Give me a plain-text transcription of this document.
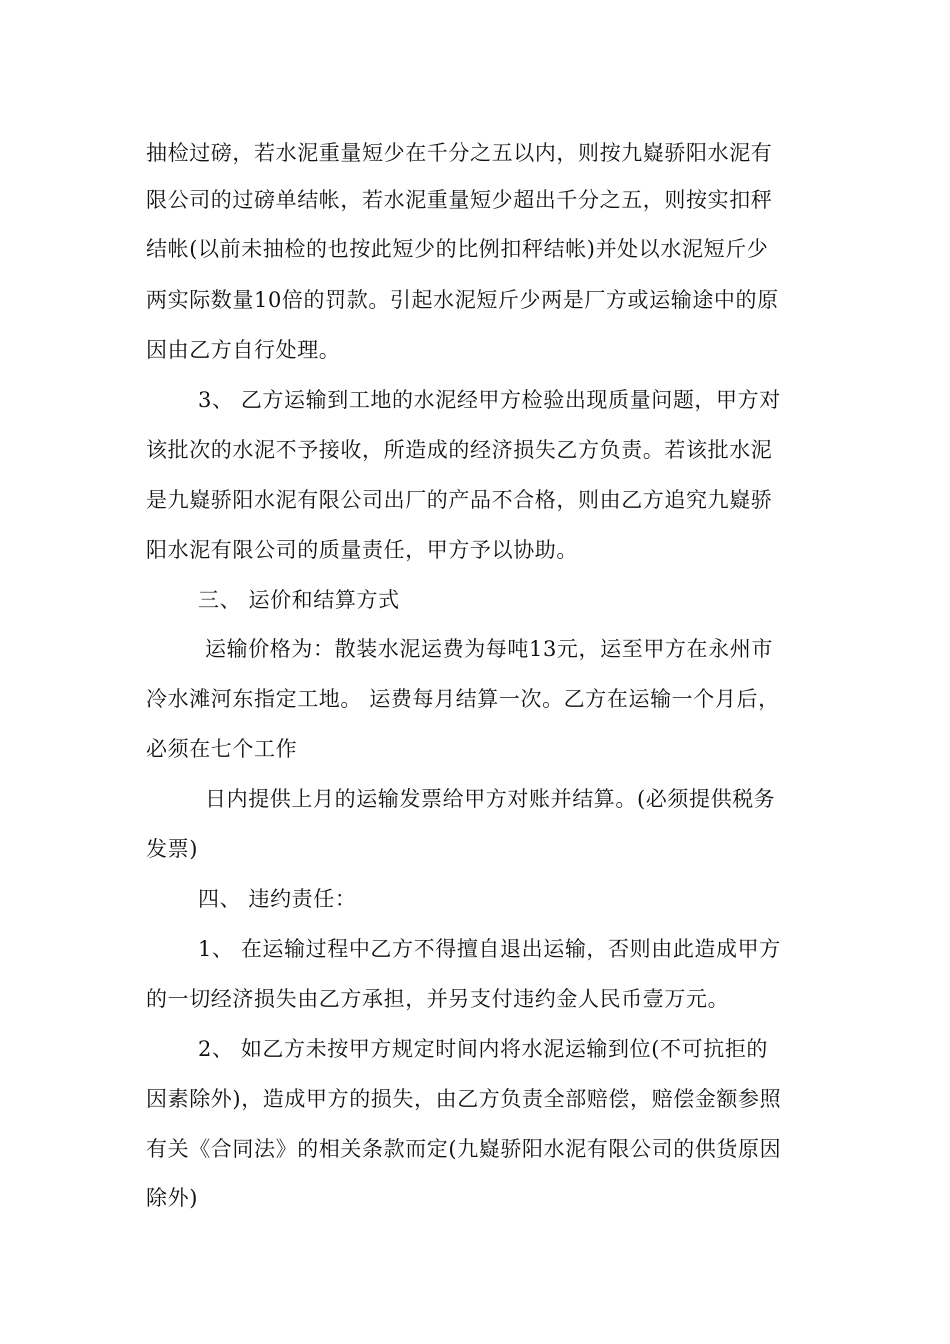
抽检过磅，若水泥重量短少在千分之五以内，则按九嶷骄阳水泥有
限公司的过磅单结帐，若水泥重量短少超出千分之五，则按实扣秤
结帐(以前未抽检的也按此短少的比例扣秤结帐)并处以水泥短斤少
两实际数量10倍的罚款。引起水泥短斤少两是厂方或运输途中的原
因由乙方自行处理。
3、 乙方运输到工地的水泥经甲方检验出现质量问题，甲方对
该批次的水泥不予接收，所造成的经济损失乙方负责。若该批水泥
是九嶷骄阳水泥有限公司出厂的产品不合格，则由乙方追究九嶷骄
阳水泥有限公司的质量责任，甲方予以协助。
三、 运价和结算方式
运输价格为：散装水泥运费为每吨13元，运至甲方在永州市
冷水滩河东指定工地。 运费每月结算一次。乙方在运输一个月后，
必须在七个工作
日内提供上月的运输发票给甲方对账并结算。(必须提供税务
发票)
四、 违约责任：
1、 在运输过程中乙方不得擅自退出运输，否则由此造成甲方
的一切经济损失由乙方承担，并另支付违约金人民币壹万元。
2、 如乙方未按甲方规定时间内将水泥运输到位(不可抗拒的
因素除外)，造成甲方的损失，由乙方负责全部赔偿，赔偿金额参照
有关《合同法》的相关条款而定(九嶷骄阳水泥有限公司的供货原因
除外)
